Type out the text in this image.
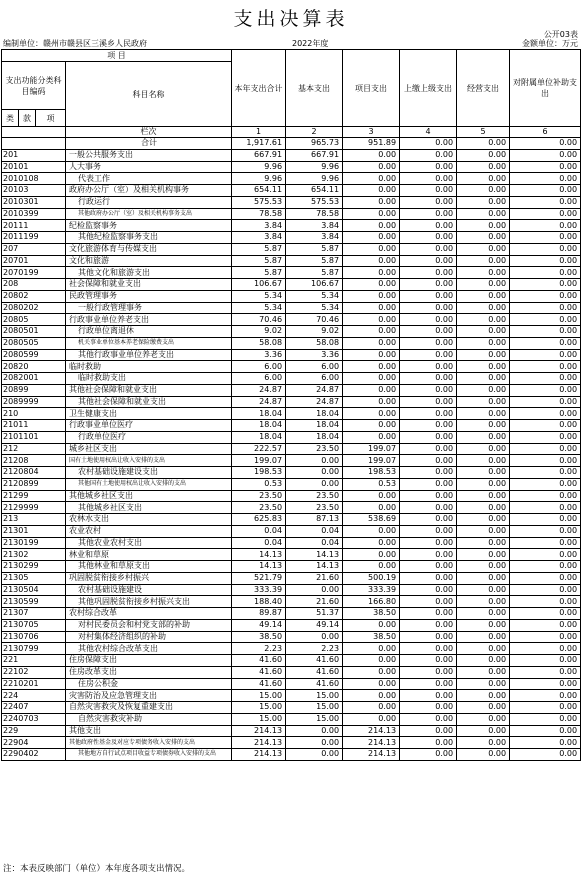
支出决算表
公开03表
编制单位：赣州市赣县区三溪乡人民政府	2022年度	金额单位：万元
项 目				本年支出合计	基本支出	项目支出	上缴上级支出	经营支出	对附属单位补助支出
支出功能分类科目编码			科目名称						
类	款	项							
			栏次	1	2	3	4	5	6
			合计	1,917.61	965.73	951.89	0.00	0.00	0.00
201			一般公共服务支出	667.91	667.91	0.00	0.00	0.00	0.00
20101			人大事务	9.96	9.96	0.00	0.00	0.00	0.00
2010108			代表工作	9.96	9.96	0.00	0.00	0.00	0.00
20103			政府办公厅（室）及相关机构事务	654.11	654.11	0.00	0.00	0.00	0.00
2010301			行政运行	575.53	575.53	0.00	0.00	0.00	0.00
2010399			其他政府办公厅（室）及相关机构事务支出	78.58	78.58	0.00	0.00	0.00	0.00
20111			纪检监察事务	3.84	3.84	0.00	0.00	0.00	0.00
2011199			其他纪检监察事务支出	3.84	3.84	0.00	0.00	0.00	0.00
207			文化旅游体育与传媒支出	5.87	5.87	0.00	0.00	0.00	0.00
20701			文化和旅游	5.87	5.87	0.00	0.00	0.00	0.00
2070199			其他文化和旅游支出	5.87	5.87	0.00	0.00	0.00	0.00
208			社会保障和就业支出	106.67	106.67	0.00	0.00	0.00	0.00
20802			民政管理事务	5.34	5.34	0.00	0.00	0.00	0.00
2080202			一般行政管理事务	5.34	5.34	0.00	0.00	0.00	0.00
20805			行政事业单位养老支出	70.46	70.46	0.00	0.00	0.00	0.00
2080501			行政单位离退休	9.02	9.02	0.00	0.00	0.00	0.00
2080505			机关事业单位基本养老保险缴费支出	58.08	58.08	0.00	0.00	0.00	0.00
2080599			其他行政事业单位养老支出	3.36	3.36	0.00	0.00	0.00	0.00
20820			临时救助	6.00	6.00	0.00	0.00	0.00	0.00
2082001			临时救助支出	6.00	6.00	0.00	0.00	0.00	0.00
20899			其他社会保障和就业支出	24.87	24.87	0.00	0.00	0.00	0.00
2089999			其他社会保障和就业支出	24.87	24.87	0.00	0.00	0.00	0.00
210			卫生健康支出	18.04	18.04	0.00	0.00	0.00	0.00
21011			行政事业单位医疗	18.04	18.04	0.00	0.00	0.00	0.00
2101101			行政单位医疗	18.04	18.04	0.00	0.00	0.00	0.00
212			城乡社区支出	222.57	23.50	199.07	0.00	0.00	0.00
21208			国有土地使用权出让收入安排的支出	199.07	0.00	199.07	0.00	0.00	0.00
2120804			农村基础设施建设支出	198.53	0.00	198.53	0.00	0.00	0.00
2120899			其他国有土地使用权出让收入安排的支出	0.53	0.00	0.53	0.00	0.00	0.00
21299			其他城乡社区支出	23.50	23.50	0.00	0.00	0.00	0.00
2129999			其他城乡社区支出	23.50	23.50	0.00	0.00	0.00	0.00
213			农林水支出	625.83	87.13	538.69	0.00	0.00	0.00
21301			农业农村	0.04	0.04	0.00	0.00	0.00	0.00
2130199			其他农业农村支出	0.04	0.04	0.00	0.00	0.00	0.00
21302			林业和草原	14.13	14.13	0.00	0.00	0.00	0.00
2130299			其他林业和草原支出	14.13	14.13	0.00	0.00	0.00	0.00
21305			巩固脱贫衔接乡村振兴	521.79	21.60	500.19	0.00	0.00	0.00
2130504			农村基础设施建设	333.39	0.00	333.39	0.00	0.00	0.00
2130599			其他巩固脱贫衔接乡村振兴支出	188.40	21.60	166.80	0.00	0.00	0.00
21307			农村综合改革	89.87	51.37	38.50	0.00	0.00	0.00
2130705			对村民委员会和村党支部的补助	49.14	49.14	0.00	0.00	0.00	0.00
2130706			对村集体经济组织的补助	38.50	0.00	38.50	0.00	0.00	0.00
2130799			其他农村综合改革支出	2.23	2.23	0.00	0.00	0.00	0.00
221			住房保障支出	41.60	41.60	0.00	0.00	0.00	0.00
22102			住房改革支出	41.60	41.60	0.00	0.00	0.00	0.00
2210201			住房公积金	41.60	41.60	0.00	0.00	0.00	0.00
224			灾害防治及应急管理支出	15.00	15.00	0.00	0.00	0.00	0.00
22407			自然灾害救灾及恢复重建支出	15.00	15.00	0.00	0.00	0.00	0.00
2240703			自然灾害救灾补助	15.00	15.00	0.00	0.00	0.00	0.00
229			其他支出	214.13	0.00	214.13	0.00	0.00	0.00
22904			其他政府性基金及对应专项债务收入安排的支出	214.13	0.00	214.13	0.00	0.00	0.00
2290402			其他地方自行试点项目收益专项债券收入安排的支出	214.13	0.00	214.13	0.00	0.00	0.00
注：本表反映部门（单位）本年度各项支出情况。
